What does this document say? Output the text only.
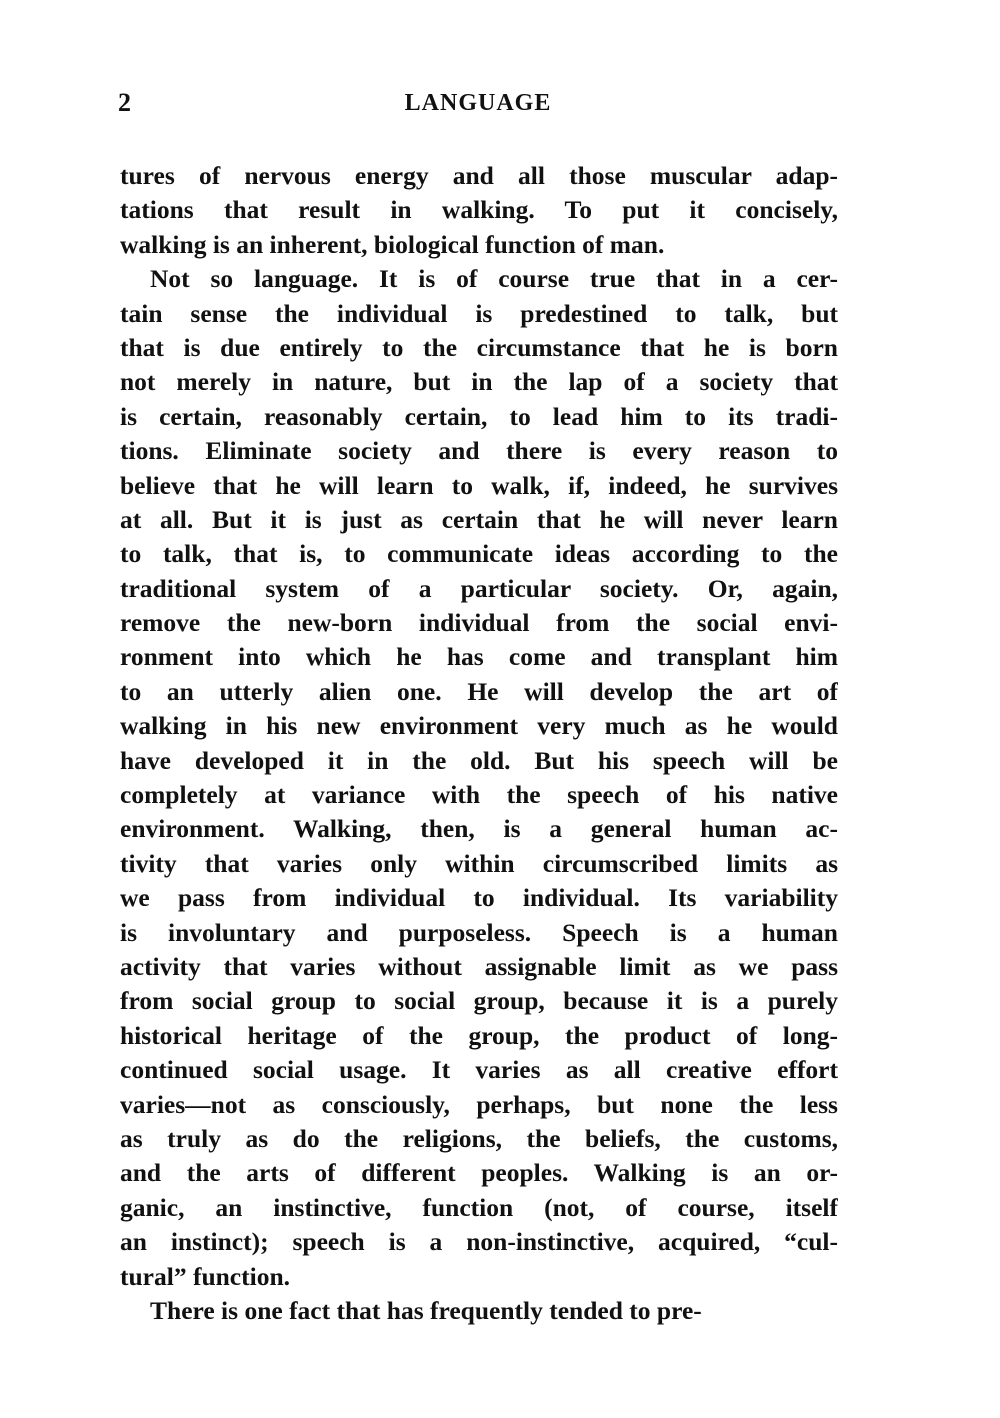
2	LANGUAGE
tures of nervous energy and all those muscular adap-
tations that result in walking. To put it concisely,
walking is an inherent, biological function of man.
Not so language. It is of course true that in a cer-
tain sense the individual is predestined to talk, but
that is due entirely to the circumstance that he is born
not merely in nature, but in the lap of a society that
is certain, reasonably certain, to lead him to its tradi-
tions. Eliminate society and there is every reason to
believe that he will learn to walk, if, indeed, he survives
at all. But it is just as certain that he will never learn
to talk, that is, to communicate ideas according to the
traditional system of a particular society. Or, again,
remove the new-born individual from the social envi-
ronment into which he has come and transplant him
to an utterly alien one. He will develop the art of
walking in his new environment very much as he would
have developed it in the old. But his speech will be
completely at variance with the speech of his native
environment. Walking, then, is a general human ac-
tivity that varies only within circumscribed limits as
we pass from individual to individual. Its variability
is involuntary and purposeless. Speech is a human
activity that varies without assignable limit as we pass
from social group to social group, because it is a purely
historical heritage of the group, the product of long-
continued social usage. It varies as all creative effort
varies—not as consciously, perhaps, but none the less
as truly as do the religions, the beliefs, the customs,
and the arts of different peoples. Walking is an or-
ganic, an instinctive, function (not, of course, itself
an instinct); speech is a non-instinctive, acquired, “cul-
tural” function.
There is one fact that has frequently tended to pre-
